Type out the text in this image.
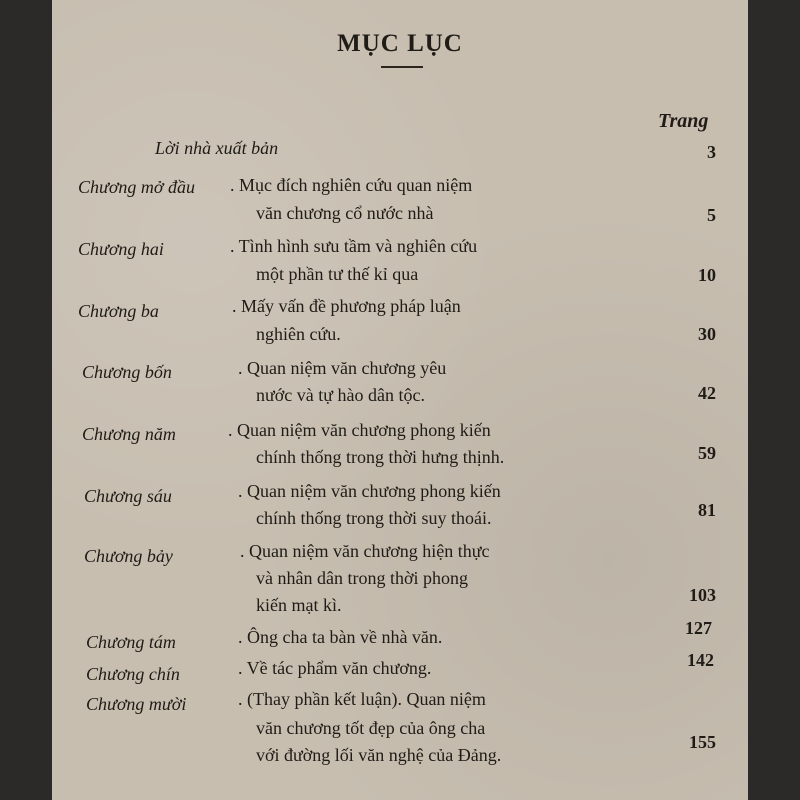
MỤC LỤC
Trang
Lời nhà xuất bản	3
Chương mở đầu . Mục đích nghiên cứu quan niệm
văn chương cổ nước nhà	5
Chương hai	. Tình hình sưu tầm và nghiên cứu
một phần tư thế kỉ qua	10
Chương ba	. Mấy vấn đề phương pháp luận
nghiên cứu.	30
Chương bốn	. Quan niệm văn chương yêu
nước và tự hào dân tộc.	42
Chương năm	. Quan niệm văn chương phong kiến
chính thống trong thời hưng thịnh.	59
Chương sáu	. Quan niệm văn chương phong kiến
chính thống trong thời suy thoái.	81
Chương bảy	. Quan niệm văn chương hiện thực
và nhân dân trong thời phong
kiến mạt kì.	103
Chương tám	. Ông cha ta bàn về nhà văn.	127
Chương chín	. Về tác phẩm văn chương.	142
Chương mười	. (Thay phần kết luận). Quan niệm
văn chương tốt đẹp của ông cha
với đường lối văn nghệ của Đảng.
155
